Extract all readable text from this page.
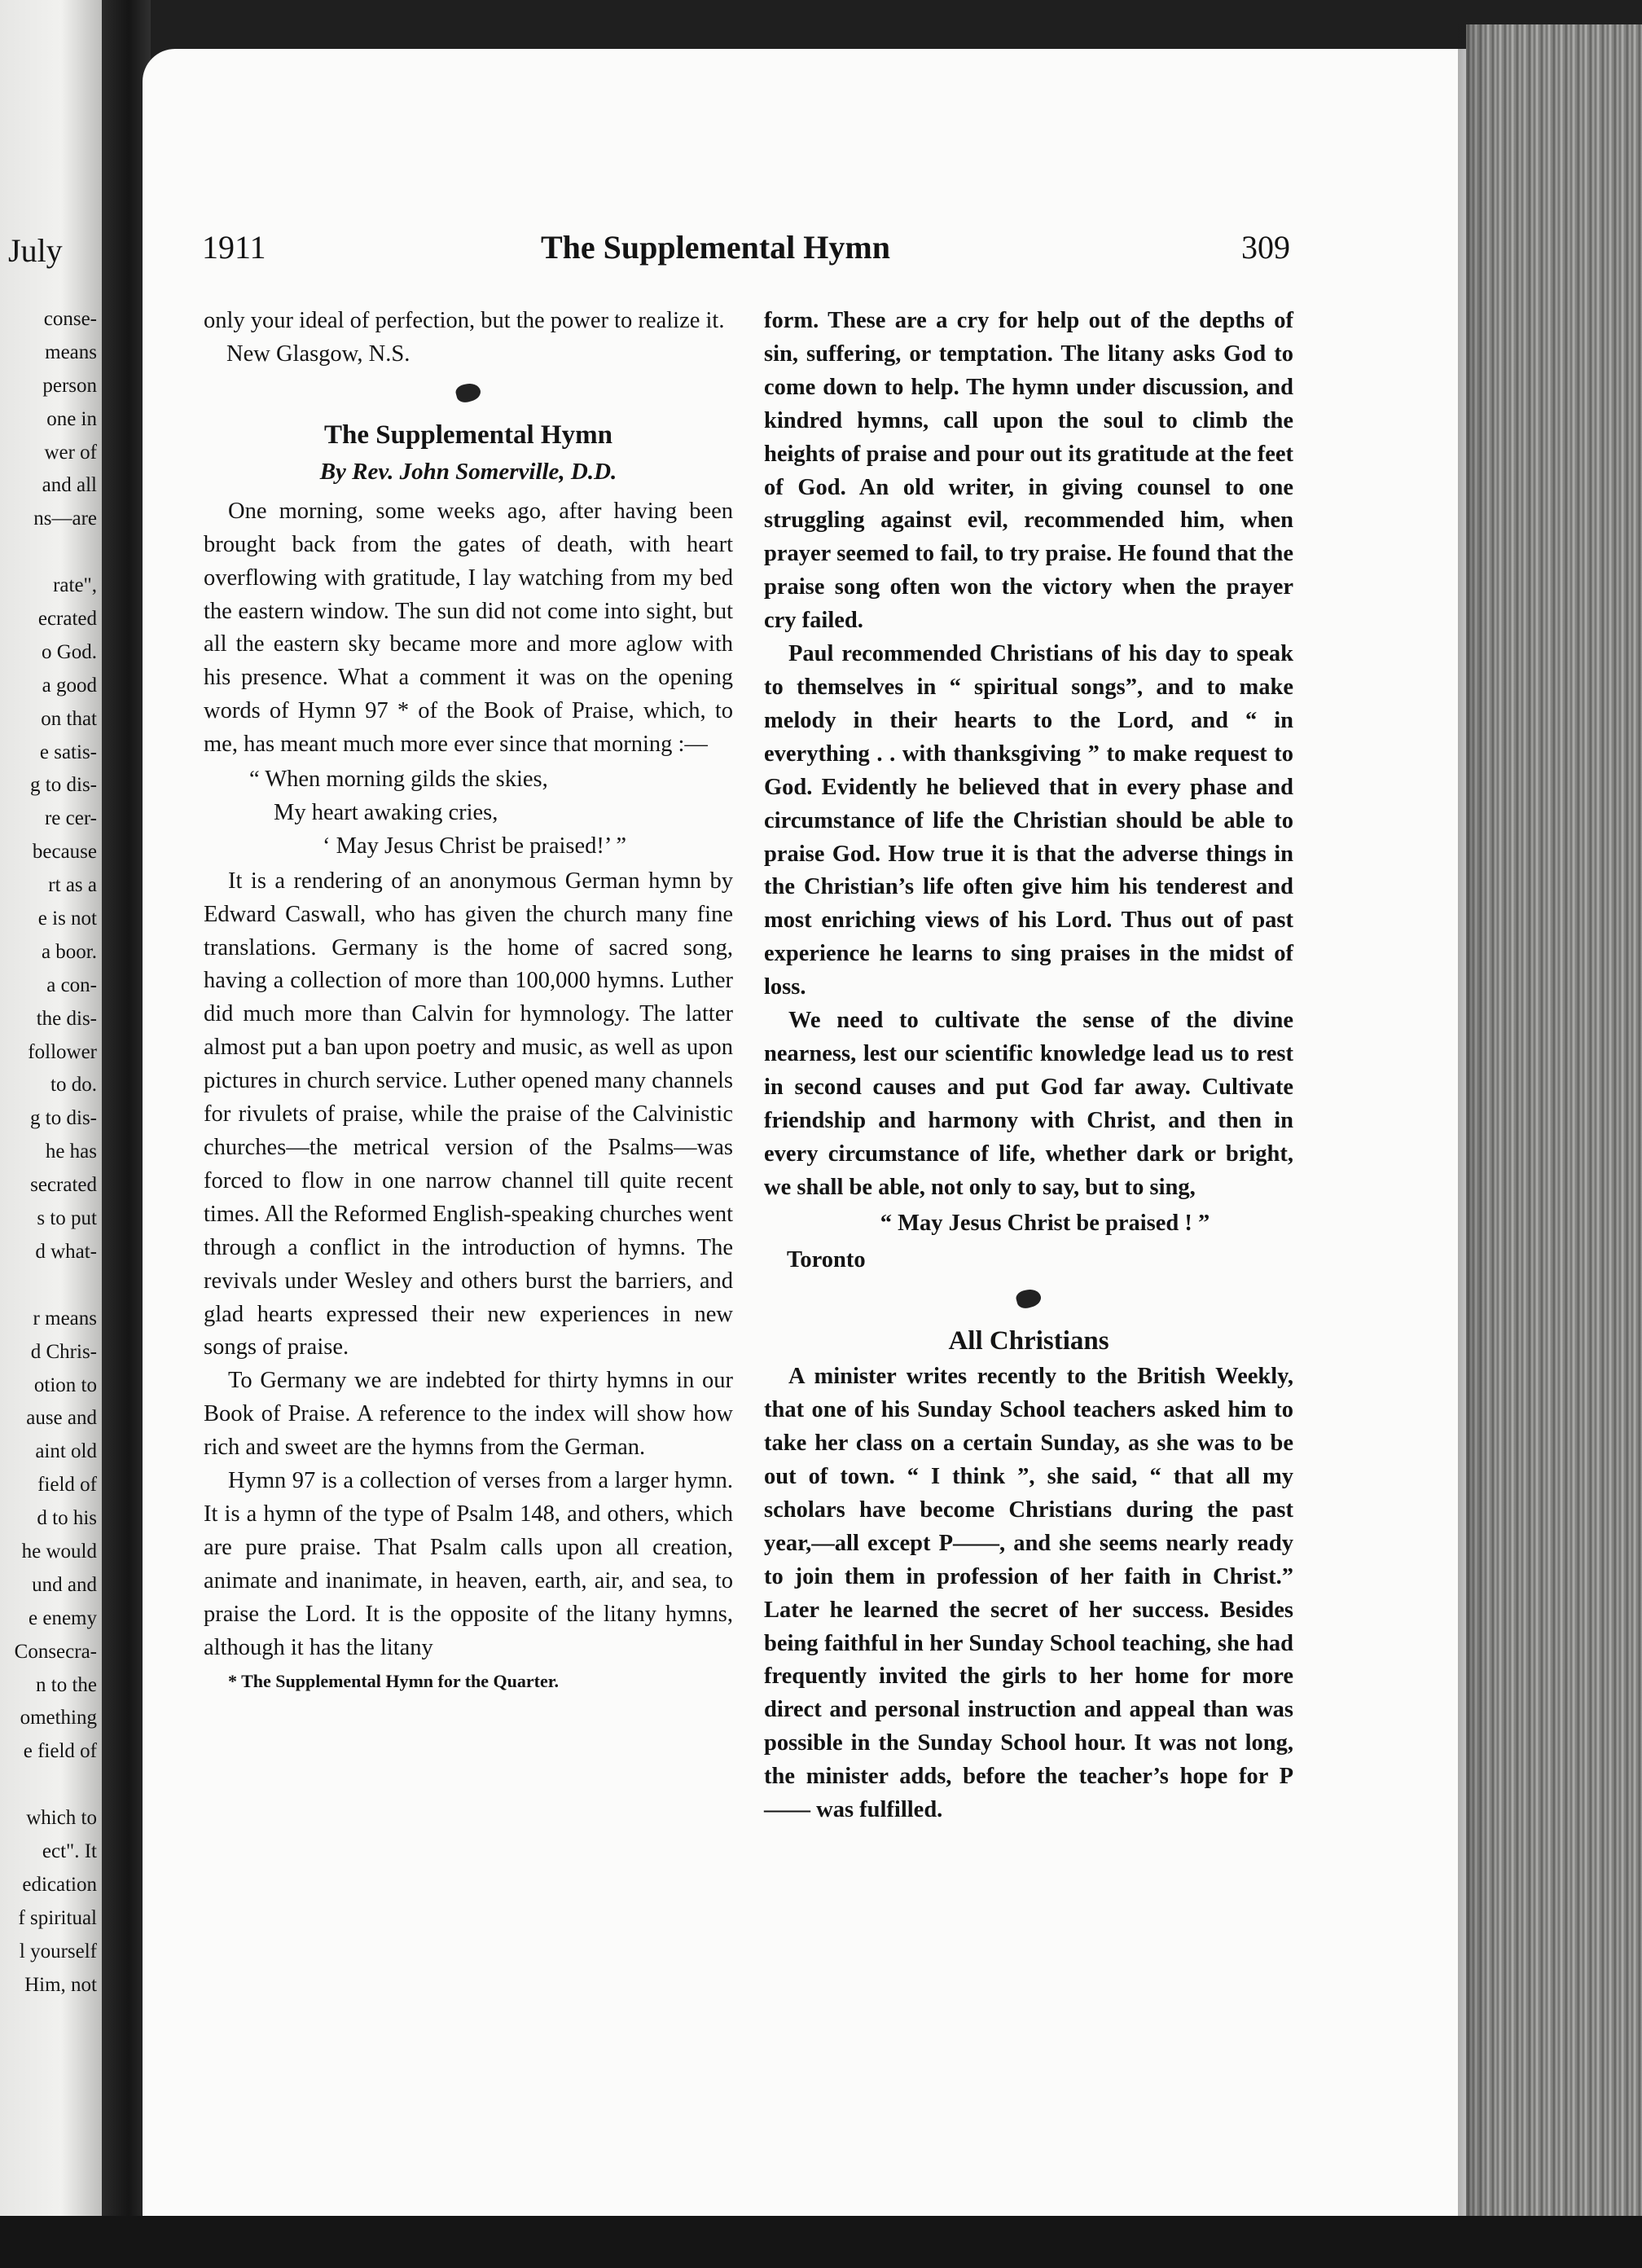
July
conse-
means
person
one in
wer of
and all
ns—are
rate",
ecrated
o God.
a good
on that
e satis-
g to dis-
re cer-
because
rt as a
e is not
a boor.
a con-
the dis-
follower
to do.
g to dis-
he has
secrated
s to put
d what-
r means
d Chris-
otion to
ause and
aint old
field of
d to his
he would
und and
e enemy
Consecra-
n to the
omething
e field of
which to
ect". It
edication
f spiritual
l yourself
Him, not
1911	The Supplemental Hymn	309

only your ideal of perfection, but the power to realize it.

New Glasgow, N.S.

The Supplemental Hymn
By Rev. John Somerville, D.D.

One morning, some weeks ago, after having been brought back from the gates of death, with heart overflowing with gratitude, I lay watching from my bed the eastern window. The sun did not come into sight, but all the eastern sky became more and more aglow with his presence. What a comment it was on the opening words of Hymn 97 * of the Book of Praise, which, to me, has meant much more ever since that morning :—

“ When morning gilds the skies,
My heart awaking cries,
‘ May Jesus Christ be praised!’ ”

It is a rendering of an anonymous German hymn by Edward Caswall, who has given the church many fine translations. Germany is the home of sacred song, having a collection of more than 100,000 hymns. Luther did much more than Calvin for hymnology. The latter almost put a ban upon poetry and music, as well as upon pictures in church service. Luther opened many channels for rivulets of praise, while the praise of the Calvinistic churches—the metrical version of the Psalms—was forced to flow in one narrow channel till quite recent times. All the Reformed English-speaking churches went through a conflict in the introduction of hymns. The revivals under Wesley and others burst the barriers, and glad hearts expressed their new experiences in new songs of praise.

To Germany we are indebted for thirty hymns in our Book of Praise. A reference to the index will show how rich and sweet are the hymns from the German.

Hymn 97 is a collection of verses from a larger hymn. It is a hymn of the type of Psalm 148, and others, which are pure praise. That Psalm calls upon all creation, animate and inanimate, in heaven, earth, air, and sea, to praise the Lord. It is the opposite of the litany hymns, although it has the litany

* The Supplemental Hymn for the Quarter.

form. These are a cry for help out of the depths of sin, suffering, or temptation. The litany asks God to come down to help. The hymn under discussion, and kindred hymns, call upon the soul to climb the heights of praise and pour out its gratitude at the feet of God. An old writer, in giving counsel to one struggling against evil, recommended him, when prayer seemed to fail, to try praise. He found that the praise song often won the victory when the prayer cry failed.

Paul recommended Christians of his day to speak to themselves in “ spiritual songs”, and to make melody in their hearts to the Lord, and “ in everything . . with thanksgiving ” to make request to God. Evidently he believed that in every phase and circumstance of life the Christian should be able to praise God. How true it is that the adverse things in the Christian’s life often give him his tenderest and most enriching views of his Lord. Thus out of past experience he learns to sing praises in the midst of loss.

We need to cultivate the sense of the divine nearness, lest our scientific knowledge lead us to rest in second causes and put God far away. Cultivate friendship and harmony with Christ, and then in every circumstance of life, whether dark or bright, we shall be able, not only to say, but to sing,

“ May Jesus Christ be praised ! ”

Toronto

All Christians

A minister writes recently to the British Weekly, that one of his Sunday School teachers asked him to take her class on a certain Sunday, as she was to be out of town. “ I think ”, she said, “ that all my scholars have become Christians during the past year,—all except P——, and she seems nearly ready to join them in profession of her faith in Christ.” Later he learned the secret of her success. Besides being faithful in her Sunday School teaching, she had frequently invited the girls to her home for more direct and personal instruction and appeal than was possible in the Sunday School hour. It was not long, the minister adds, before the teacher’s hope for P—— was fulfilled.
